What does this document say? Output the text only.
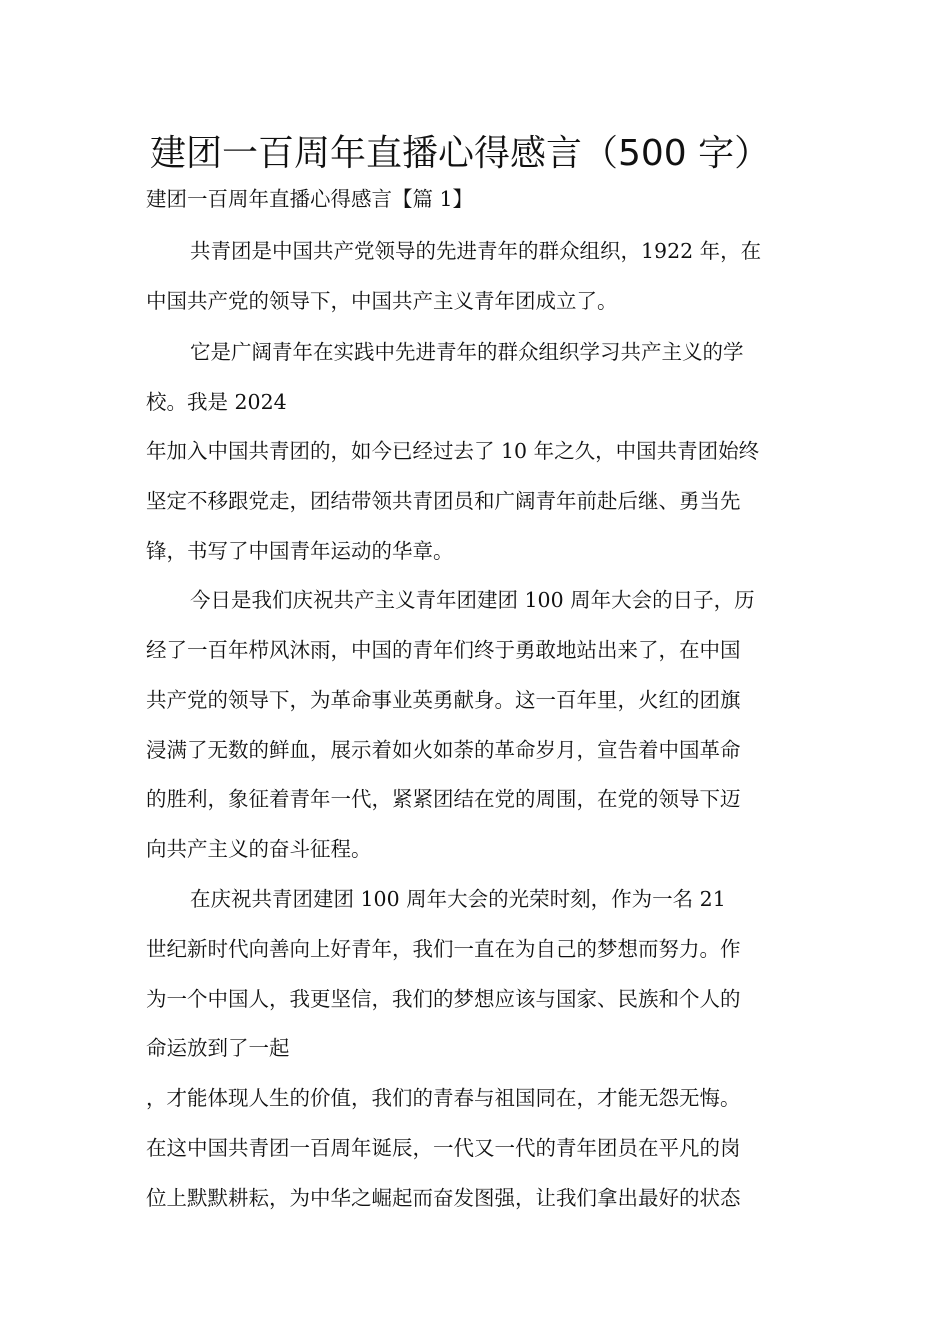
建团一百周年直播心得感言（500 字）
建团一百周年直播心得感言【篇 1】
共青团是中国共产党领导的先进青年的群众组织，1922 年，在
中国共产党的领导下，中国共产主义青年团成立了。
它是广阔青年在实践中先进青年的群众组织学习共产主义的学
校。我是 2024
年加入中国共青团的，如今已经过去了 10 年之久，中国共青团始终
坚定不移跟党走，团结带领共青团员和广阔青年前赴后继、勇当先
锋，书写了中国青年运动的华章。
今日是我们庆祝共产主义青年团建团 100 周年大会的日子，历
经了一百年栉风沐雨，中国的青年们终于勇敢地站出来了，在中国
共产党的领导下，为革命事业英勇献身。这一百年里，火红的团旗
浸满了无数的鲜血，展示着如火如荼的革命岁月，宣告着中国革命
的胜利，象征着青年一代，紧紧团结在党的周围，在党的领导下迈
向共产主义的奋斗征程。
在庆祝共青团建团 100 周年大会的光荣时刻，作为一名 21
世纪新时代向善向上好青年，我们一直在为自己的梦想而努力。作
为一个中国人，我更坚信，我们的梦想应该与国家、民族和个人的
命运放到了一起
，才能体现人生的价值，我们的青春与祖国同在，才能无怨无悔。
在这中国共青团一百周年诞辰，一代又一代的青年团员在平凡的岗
位上默默耕耘，为中华之崛起而奋发图强，让我们拿出最好的状态
